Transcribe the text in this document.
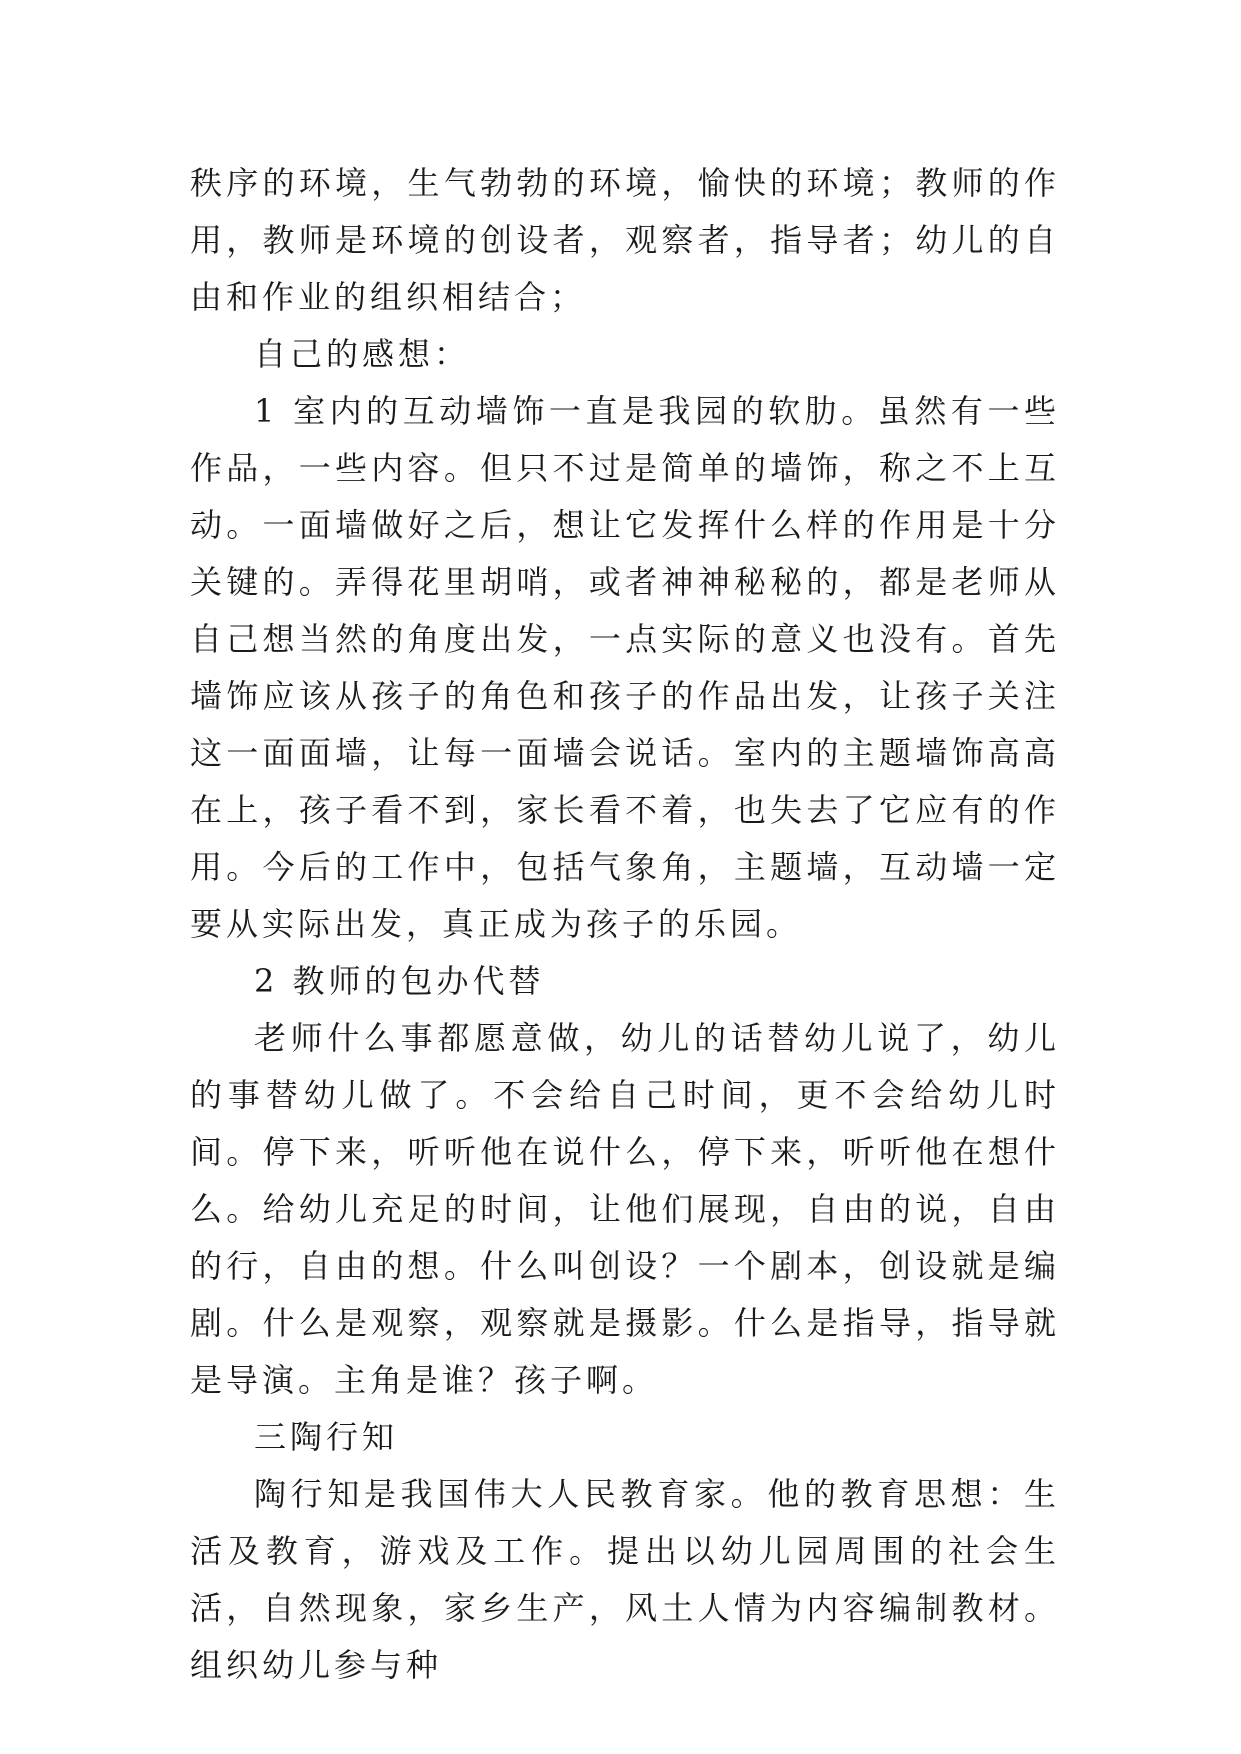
秩序的环境，生气勃勃的环境，愉快的环境；教师的作用，教师是环境的创设者，观察者，指导者；幼儿的自由和作业的组织相结合；

自己的感想：

1 室内的互动墙饰一直是我园的软肋。虽然有一些作品，一些内容。但只不过是简单的墙饰，称之不上互动。一面墙做好之后，想让它发挥什么样的作用是十分关键的。弄得花里胡哨，或者神神秘秘的，都是老师从自己想当然的角度出发，一点实际的意义也没有。首先墙饰应该从孩子的角色和孩子的作品出发，让孩子关注这一面面墙，让每一面墙会说话。室内的主题墙饰高高在上，孩子看不到，家长看不着，也失去了它应有的作用。今后的工作中，包括气象角，主题墙，互动墙一定要从实际出发，真正成为孩子的乐园。

2 教师的包办代替

老师什么事都愿意做，幼儿的话替幼儿说了，幼儿的事替幼儿做了。不会给自己时间，更不会给幼儿时间。停下来，听听他在说什么，停下来，听听他在想什么。给幼儿充足的时间，让他们展现，自由的说，自由的行，自由的想。什么叫创设？一个剧本，创设就是编剧。什么是观察，观察就是摄影。什么是指导，指导就是导演。主角是谁？孩子啊。

三陶行知

陶行知是我国伟大人民教育家。他的教育思想：生活及教育，游戏及工作。提出以幼儿园周围的社会生活，自然现象，家乡生产，风土人情为内容编制教材。组织幼儿参与种
